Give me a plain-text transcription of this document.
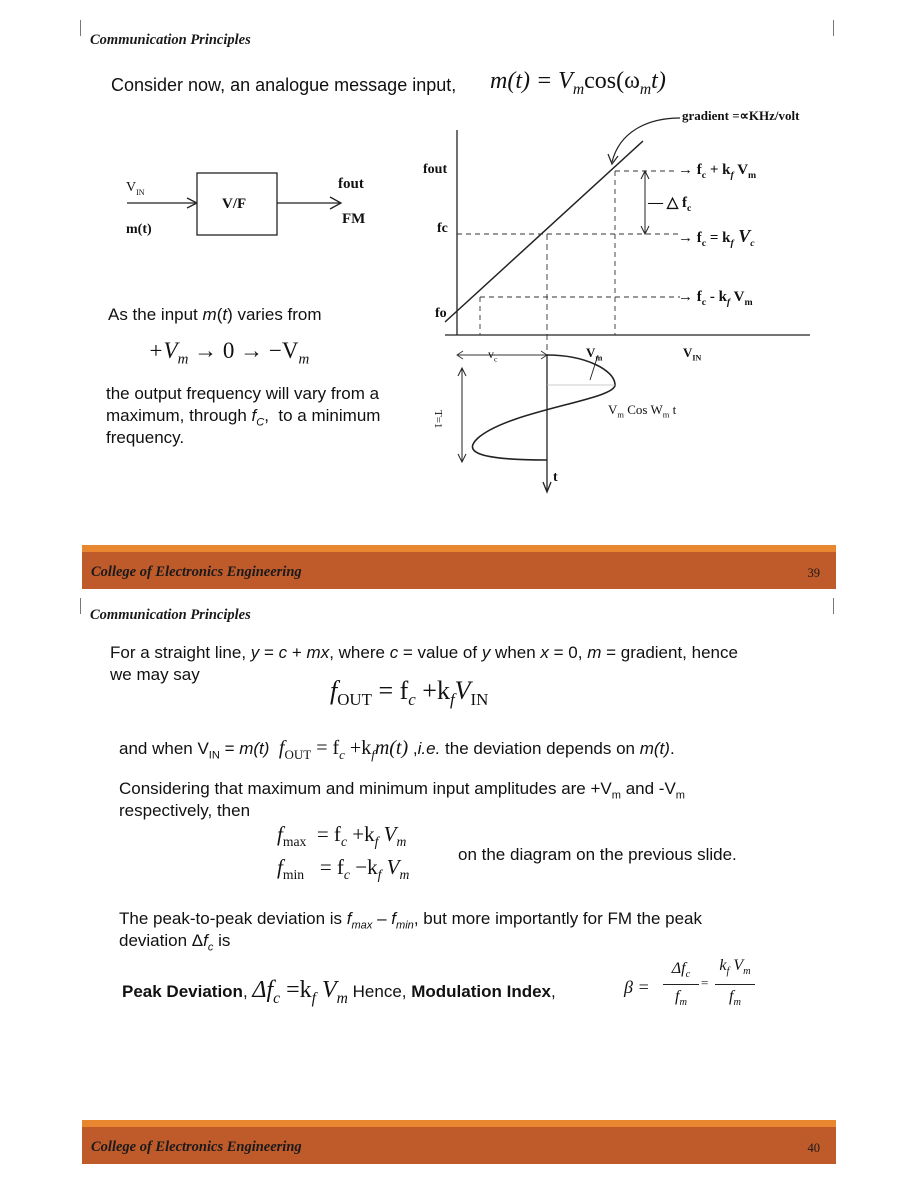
Communication Principles
Consider now, an analogue message input, $m(t) = V_m\cos(\omega_mt)$
$V_{IN}$
m(t)
V/F
fout
FM
As the input m(t) varies from
$+V_m \to 0 \to -V_m$
the output frequency will vary from a
maximum, through $f_C$,  to a minimum
frequency.
gradient =∝KHz/volt
fout
fc
fo
→ $f_c + k_f$ $V_m$
— △ $f_c$
→ $f_c = k_f$ $V_c$
→ $f_c - k_f$ $V_m$
$v_c$	$V_m$	$V_{IN}$
$V_m$ Cos $W_m$ t
t
T=1
College of Electronics Engineering	39
Communication Principles
For a straight line, y = c + mx, where c = value of y when x = 0, m = gradient, hence
we may say
$f_{OUT} = f_c +k_fV_{IN}$
and when $V_{IN} = m(t) f_{OUT} = f_c +k_fm(t)$ ,i.e. the deviation depends on m(t).
Considering that maximum and minimum input amplitudes are $+V_m$ and $-V_m$
respectively, then
$f_{max} = f_c +k_f$ $V_m$
$f_{min} = f_c -k_f$ $V_m$
on the diagram on the previous slide.
The peak-to-peak deviation is $f_{max} - f_{min}$, but more importantly for FM the peak
deviation $\Delta f_c$ is
Peak Deviation, $\Delta f_c =k_f$ $V_m$ Hence, Modulation Index,	β =
$\Delta f_c$
$f_m$
=
$k_f$ $V_m$
$f_m$
College of Electronics Engineering	40
